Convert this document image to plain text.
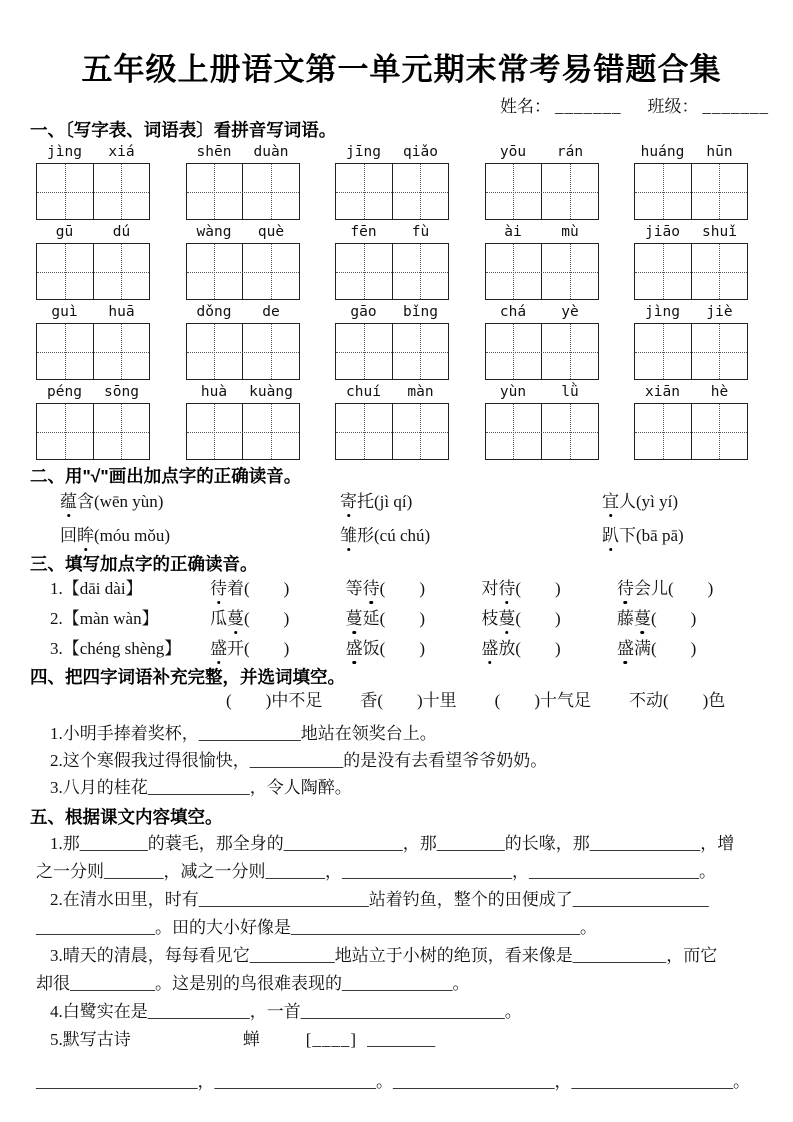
五年级上册语文第一单元期末常考易错题合集
姓名： _______ 班级： _______
一、〔写字表、词语表〕看拼音写词语。
jìng	xiá	shēn	duàn	jīng	qiǎo	yōu	rán	huáng	hūn
gū	dú	wàng	què	fēn	fù	ài	mù	jiāo	shuǐ
guì	huā	dǒng	de	gāo	bǐng	chá	yè	jìng	jiè
péng	sōng	huà	kuàng	chuí	màn	yùn	lǜ	xiān	hè
二、用"√"画出加点字的正确读音。
蕴含(wēn yùn)	寄托(jì qí)	宜人(yì yí)
回眸(móu mǒu)	雏形(cú chú)	趴下(bā pā)
三、填写加点字的正确读音。
1.【dāi dài】	待着(　　)	等待(　　)	对待(　　)	待会儿(　　)
2.【màn wàn】	瓜蔓(　　)	蔓延(　　)	枝蔓(　　)	藤蔓(　　)
3.【chéng shèng】	盛开(　　)	盛饭(　　)	盛放(　　)	盛满(　　)
四、把四字词语补充完整，并选词填空。
(　　)中不足 香(　　)十里 (　　)十气足 不动(　　)色
1.小明手捧着奖杯，____________地站在领奖台上。
2.这个寒假我过得很愉快，___________的是没有去看望爷爷奶奶。
3.八月的桂花____________，令人陶醉。
五、根据课文内容填空。
1.那________的蓑毛，那全身的______________，那________的长喙，那_____________，增
之一分则_______，减之一分则_______，____________________，____________________。
2.在清水田里，时有____________________站着钓鱼，整个的田便成了________________
______________。田的大小好像是__________________________________。
3.晴天的清晨，每每看见它__________地站立于小树的绝顶，看来像是___________，而它
却很__________。这是别的鸟很难表现的_____________。
4.白鹭实在是____________，一首________________________。
5.默写古诗	蝉	[____] ________
___________________，___________________。___________________，___________________。
